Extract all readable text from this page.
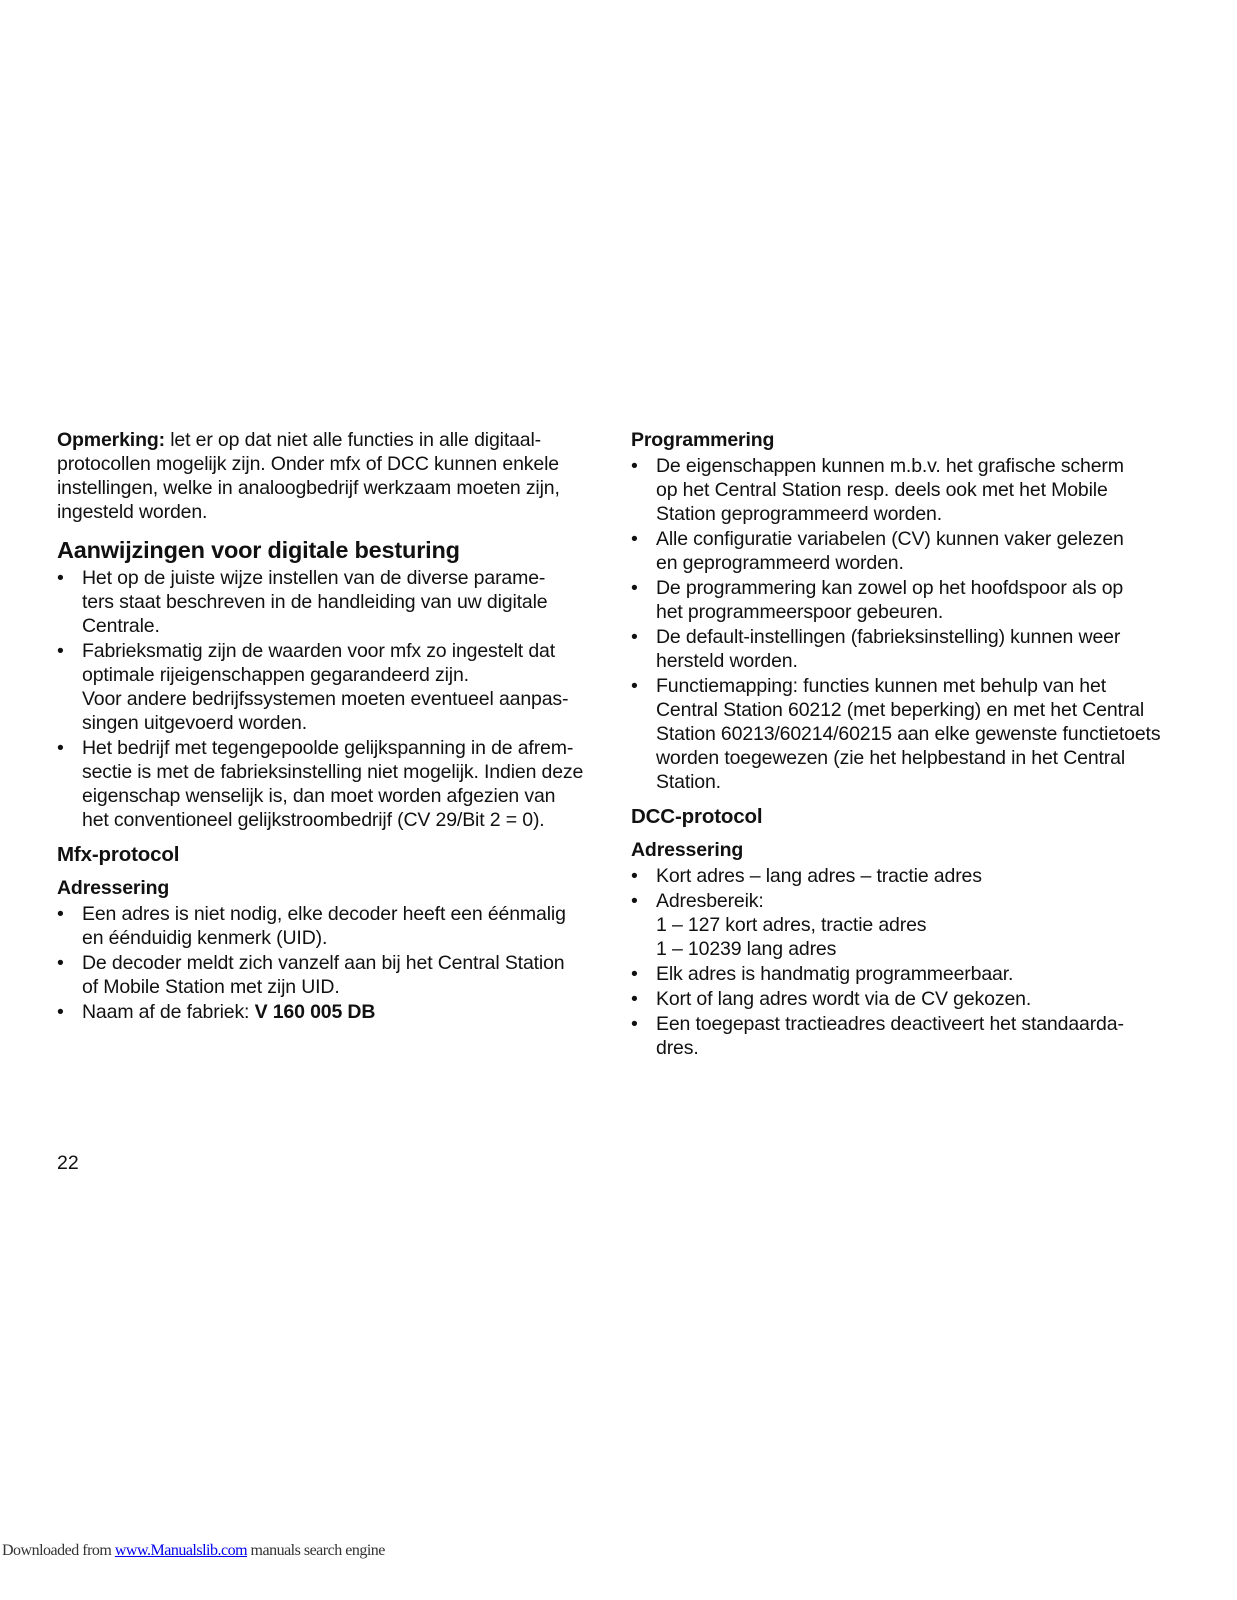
Opmerking: let er op dat niet alle functies in alle digitaal-
protocollen mogelijk zijn. Onder mfx of DCC kunnen enkele
instellingen, welke in analoogbedrijf werkzaam moeten zijn,
ingesteld worden.

Aanwijzingen voor digitale besturing
• Het op de juiste wijze instellen van de diverse parame-
ters staat beschreven in de handleiding van uw digitale
Centrale.
• Fabrieksmatig zijn de waarden voor mfx zo ingestelt dat
optimale rijeigenschappen gegarandeerd zijn.
Voor andere bedrijfssystemen moeten eventueel aanpas-
singen uitgevoerd worden.
• Het bedrijf met tegengepoolde gelijkspanning in de afrem-
sectie is met de fabrieksinstelling niet mogelijk. Indien deze
eigenschap wenselijk is, dan moet worden afgezien van
het conventioneel gelijkstroombedrijf (CV 29/Bit 2 = 0).
Mfx-protocol
Adressering
• Een adres is niet nodig, elke decoder heeft een éénmalig
en éénduidig kenmerk (UID).
• De decoder meldt zich vanzelf aan bij het Central Station
of Mobile Station met zijn UID.
• Naam af de fabriek: V 160 005 DB
Programmering
• De eigenschappen kunnen m.b.v. het grafische scherm
op het Central Station resp. deels ook met het Mobile
Station geprogrammeerd worden.
• Alle configuratie variabelen (CV) kunnen vaker gelezen
en geprogrammeerd worden.
• De programmering kan zowel op het hoofdspoor als op
het programmeerspoor gebeuren.
• De default-instellingen (fabrieksinstelling) kunnen weer
hersteld worden.
• Functiemapping: functies kunnen met behulp van het
Central Station 60212 (met beperking) en met het Central
Station 60213/60214/60215 aan elke gewenste functietoets
worden toegewezen (zie het helpbestand in het Central
Station.
DCC-protocol
Adressering
• Kort adres – lang adres – tractie adres
• Adresbereik:
1 – 127 kort adres, tractie adres
1 – 10239 lang adres
• Elk adres is handmatig programmeerbaar.
• Kort of lang adres wordt via de CV gekozen.
• Een toegepast tractieadres deactiveert het standaarda-
dres.
22
Downloaded from www.Manualslib.com manuals search engine
